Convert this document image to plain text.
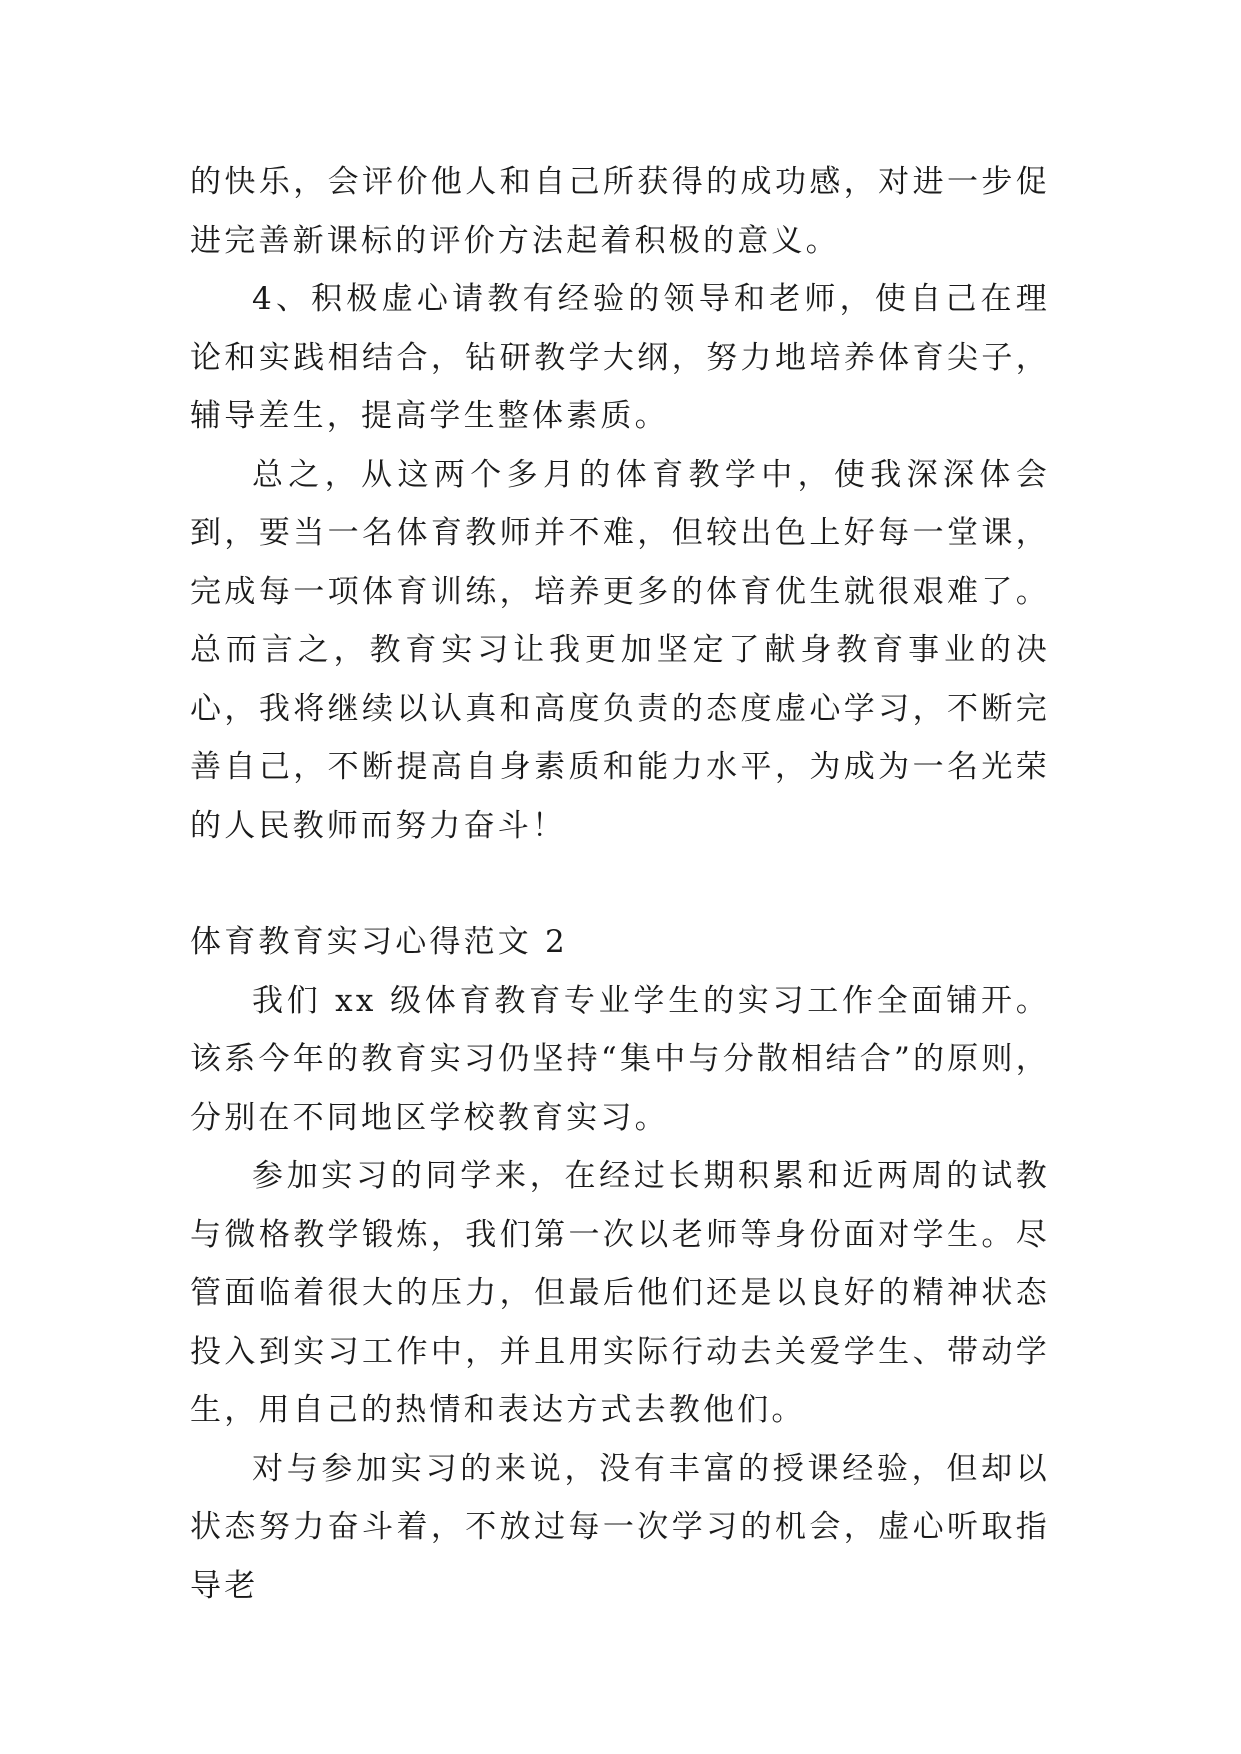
的快乐，会评价他人和自己所获得的成功感，对进一步促进完善新课标的评价方法起着积极的意义。

4、积极虚心请教有经验的领导和老师，使自己在理论和实践相结合，钻研教学大纲，努力地培养体育尖子，辅导差生，提高学生整体素质。

总之，从这两个多月的体育教学中，使我深深体会到，要当一名体育教师并不难，但较出色上好每一堂课，完成每一项体育训练，培养更多的体育优生就很艰难了。总而言之，教育实习让我更加坚定了献身教育事业的决心，我将继续以认真和高度负责的态度虚心学习，不断完善自己，不断提高自身素质和能力水平，为成为一名光荣的人民教师而努力奋斗！

体育教育实习心得范文 2

我们 xx 级体育教育专业学生的实习工作全面铺开。该系今年的教育实习仍坚持“集中与分散相结合”的原则，分别在不同地区学校教育实习。

参加实习的同学来，在经过长期积累和近两周的试教与微格教学锻炼，我们第一次以老师等身份面对学生。尽管面临着很大的压力，但最后他们还是以良好的精神状态投入到实习工作中，并且用实际行动去关爱学生、带动学生，用自己的热情和表达方式去教他们。

对与参加实习的来说，没有丰富的授课经验，但却以状态努力奋斗着，不放过每一次学习的机会，虚心听取指导老
